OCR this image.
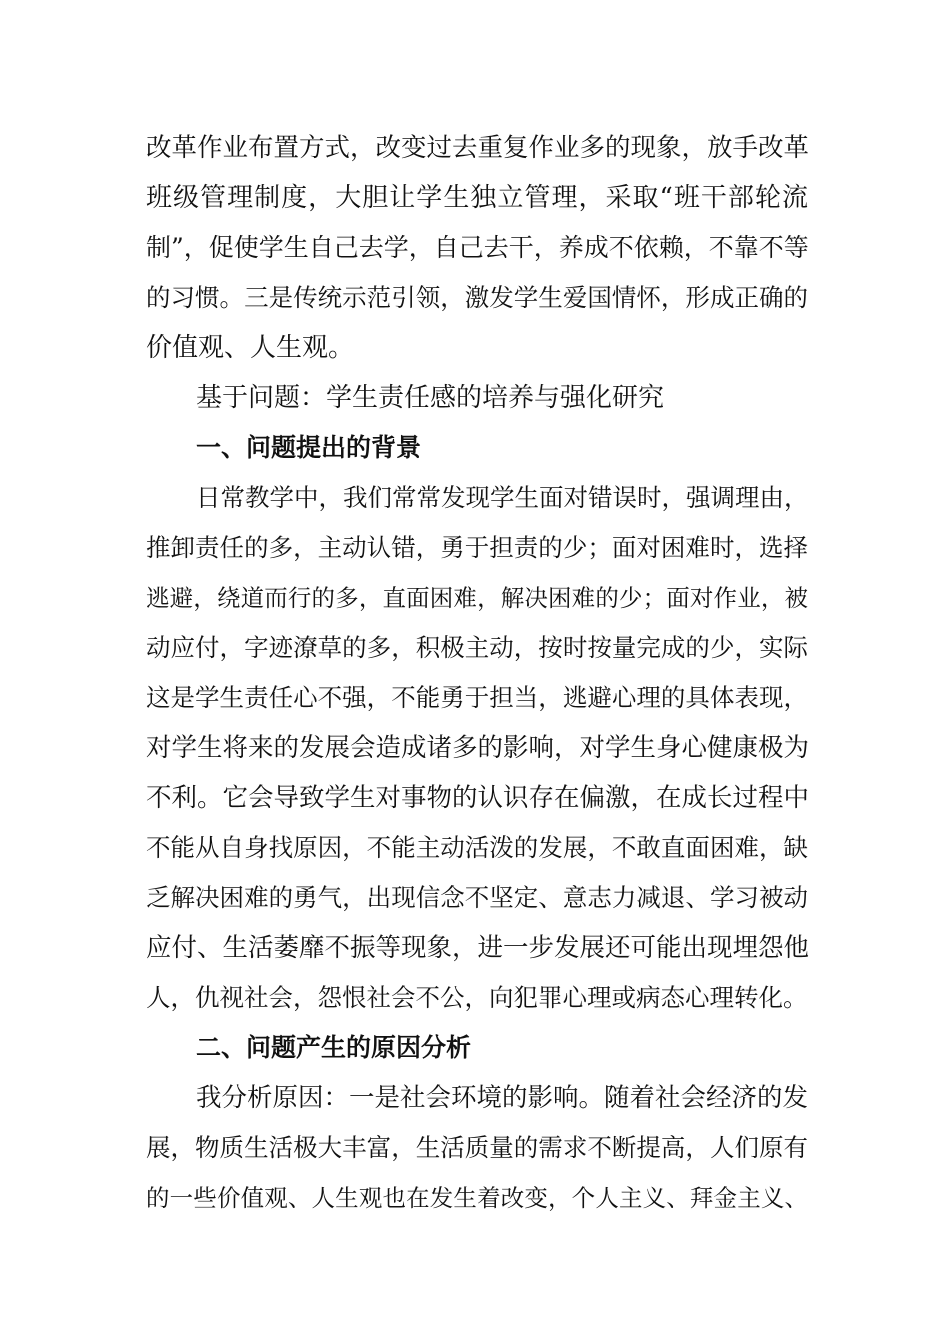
改革作业布置方式，改变过去重复作业多的现象，放手改革
班级管理制度，大胆让学生独立管理，采取“班干部轮流
制”，促使学生自己去学，自己去干，养成不依赖，不靠不等
的习惯。三是传统示范引领，激发学生爱国情怀，形成正确的
价值观、人生观。
基于问题：学生责任感的培养与强化研究
一、问题提出的背景
日常教学中，我们常常发现学生面对错误时，强调理由，
推卸责任的多，主动认错，勇于担责的少；面对困难时，选择
逃避，绕道而行的多，直面困难，解决困难的少；面对作业，被
动应付，字迹潦草的多，积极主动，按时按量完成的少，实际
这是学生责任心不强，不能勇于担当，逃避心理的具体表现，
对学生将来的发展会造成诸多的影响，对学生身心健康极为
不利。它会导致学生对事物的认识存在偏激，在成长过程中
不能从自身找原因，不能主动活泼的发展，不敢直面困难，缺
乏解决困难的勇气，出现信念不坚定、意志力减退、学习被动
应付、生活萎靡不振等现象，进一步发展还可能出现埋怨他
人，仇视社会，怨恨社会不公，向犯罪心理或病态心理转化。
二、问题产生的原因分析
我分析原因：一是社会环境的影响。随着社会经济的发
展，物质生活极大丰富，生活质量的需求不断提高，人们原有
的一些价值观、人生观也在发生着改变，个人主义、拜金主义、
